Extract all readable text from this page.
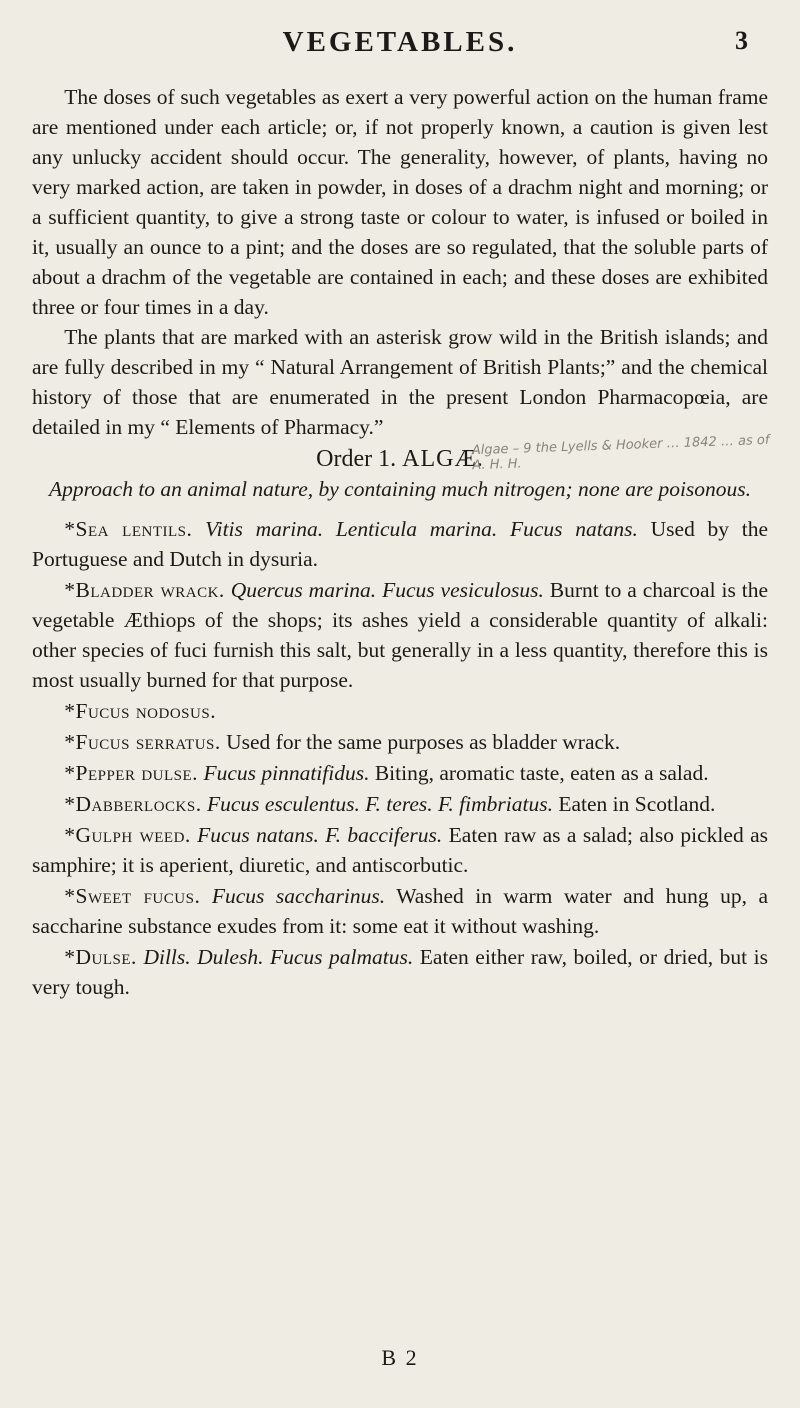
VEGETABLES.	3

The doses of such vegetables as exert a very powerful action on the human frame are mentioned under each article; or, if not properly known, a caution is given lest any unlucky accident should occur. The generality, however, of plants, having no very marked action, are taken in powder, in doses of a drachm night and morning; or a sufficient quantity, to give a strong taste or colour to water, is infused or boiled in it, usually an ounce to a pint; and the doses are so regulated, that the soluble parts of about a drachm of the vegetable are contained in each; and these doses are exhibited three or four times in a day.

The plants that are marked with an asterisk grow wild in the British islands; and are fully described in my “ Natural Arrangement of British Plants;” and the chemical history of those that are enumerated in the present London Pharmacopœia, are detailed in my “ Elements of Pharmacy.”

Order 1. ALGÆ.
Algae – 9 the Lyells & Hooker … 1842 … as of A. H. H.

Approach to an animal nature, by containing much nitrogen; none are poisonous.

*Sea lentils. Vitis marina. Lenticula marina. Fucus natans. Used by the Portuguese and Dutch in dysuria.

*Bladder wrack. Quercus marina. Fucus vesiculosus. Burnt to a charcoal is the vegetable Æthiops of the shops; its ashes yield a considerable quantity of alkali: other species of fuci furnish this salt, but generally in a less quantity, therefore this is most usually burned for that purpose.

*Fucus nodosus.

*Fucus serratus. Used for the same purposes as bladder wrack.

*Pepper dulse. Fucus pinnatifidus. Biting, aromatic taste, eaten as a salad.

*Dabberlocks. Fucus esculentus. F. teres. F. fimbriatus. Eaten in Scotland.

*Gulph weed. Fucus natans. F. bacciferus. Eaten raw as a salad; also pickled as samphire; it is aperient, diuretic, and antiscorbutic.

*Sweet fucus. Fucus saccharinus. Washed in warm water and hung up, a saccharine substance exudes from it: some eat it without washing.

*Dulse. Dills. Dulesh. Fucus palmatus. Eaten either raw, boiled, or dried, but is very tough.

B 2
